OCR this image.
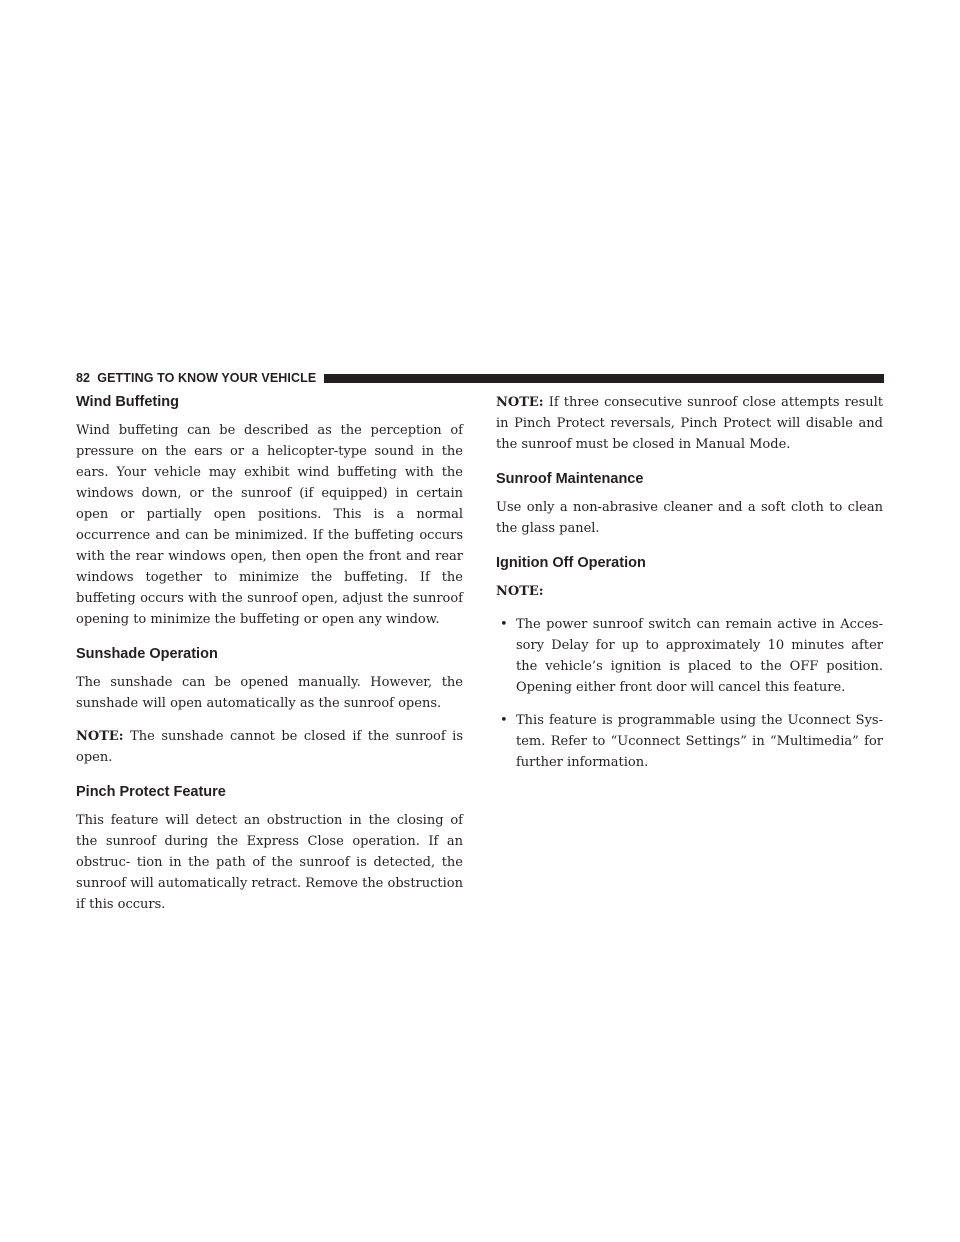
82 GETTING TO KNOW YOUR VEHICLE
Wind Buffeting

Wind buffeting can be described as the perception of pressure on the ears or a helicopter-type sound in the ears. Your vehicle may exhibit wind buffeting with the windows down, or the sunroof (if equipped) in certain open or partially open positions. This is a normal occurrence and can be minimized. If the buffeting occurs with the rear windows open, then open the front and rear windows together to minimize the buffeting. If the buffeting occurs with the sunroof open, adjust the sunroof opening to minimize the buffeting or open any window.

Sunshade Operation

The sunshade can be opened manually. However, the sunshade will open automatically as the sunroof opens.

NOTE: The sunshade cannot be closed if the sunroof is open.

Pinch Protect Feature

This feature will detect an obstruction in the closing of the sunroof during the Express Close operation. If an obstruc- tion in the path of the sunroof is detected, the sunroof will automatically retract. Remove the obstruction if this occurs.

NOTE: If three consecutive sunroof close attempts result in Pinch Protect reversals, Pinch Protect will disable and the sunroof must be closed in Manual Mode.

Sunroof Maintenance

Use only a non-abrasive cleaner and a soft cloth to clean the glass panel.

Ignition Off Operation

NOTE:

• The power sunroof switch can remain active in Acces- sory Delay for up to approximately 10 minutes after the vehicle’s ignition is placed to the OFF position. Opening either front door will cancel this feature.

• This feature is programmable using the Uconnect Sys- tem. Refer to “Uconnect Settings” in “Multimedia” for further information.
